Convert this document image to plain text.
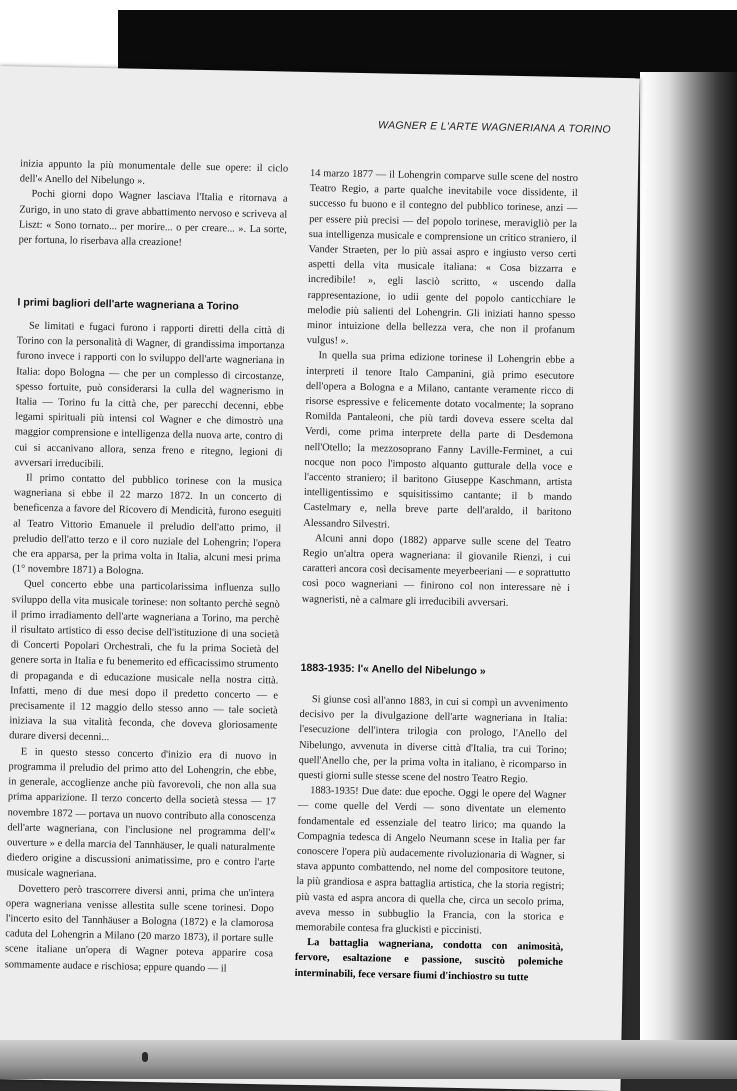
WAGNER E L'ARTE WAGNERIANA A TORINO

inizia appunto la più monumentale delle sue opere: il ciclo dell'« Anello del Nibelungo ».

Pochi giorni dopo Wagner lasciava l'Italia e ritornava a Zurigo, in uno stato di grave abbattimento nervoso e scriveva al Liszt: « Sono tornato... per morire... o per creare... ». La sorte, per fortuna, lo riserbava alla creazione!

I primi bagliori dell'arte wagneriana a Torino

Se limitati e fugaci furono i rapporti diretti della città di Torino con la personalità di Wagner, di grandissima importanza furono invece i rapporti con lo sviluppo dell'arte wagneriana in Italia: dopo Bologna — che per un complesso di circostanze, spesso fortuite, può considerarsi la culla del wagnerismo in Italia — Torino fu la città che, per parecchi decenni, ebbe legami spirituali più intensi col Wagner e che dimostrò una maggior comprensione e intelligenza della nuova arte, contro di cui si accanivano allora, senza freno e ritegno, legioni di avversari irreducibili.

Il primo contatto del pubblico torinese con la musica wagneriana si ebbe il 22 marzo 1872. In un concerto di beneficenza a favore del Ricovero di Mendicità, furono eseguiti al Teatro Vittorio Emanuele il preludio dell'atto primo, il preludio dell'atto terzo e il coro nuziale del Lohengrin; l'opera che era apparsa, per la prima volta in Italia, alcuni mesi prima (1° novembre 1871) a Bologna.

Quel concerto ebbe una particolarissima influenza sullo sviluppo della vita musicale torinese: non soltanto perchè segnò il primo irradiamento dell'arte wagneriana a Torino, ma perchè il risultato artistico di esso decise dell'istituzione di una società di Concerti Popolari Orchestrali, che fu la prima Società del genere sorta in Italia e fu benemerito ed efficacissimo strumento di propaganda e di educazione musicale nella nostra città. Infatti, meno di due mesi dopo il predetto concerto — e precisamente il 12 maggio dello stesso anno — tale società iniziava la sua vitalità feconda, che doveva gloriosamente durare diversi decenni...

E in questo stesso concerto d'inizio era di nuovo in programma il preludio del primo atto del Lohengrin, che ebbe, in generale, accoglienze anche più favorevoli, che non alla sua prima apparizione. Il terzo concerto della società stessa — 17 novembre 1872 — portava un nuovo contributo alla conoscenza dell'arte wagneriana, con l'inclusione nel programma dell'« ouverture » e della marcia del Tannhäuser, le quali naturalmente diedero origine a discussioni animatissime, pro e contro l'arte musicale wagneriana.

Dovettero però trascorrere diversi anni, prima che un'intera opera wagneriana venisse allestita sulle scene torinesi. Dopo l'incerto esito del Tannhäuser a Bologna (1872) e la clamorosa caduta del Lohengrin a Milano (20 marzo 1873), il portare sulle scene italiane un'opera di Wagner poteva apparire cosa sommamente audace e rischiosa; eppure quando — il

14 marzo 1877 — il Lohengrin comparve sulle scene del nostro Teatro Regio, a parte qualche inevitabile voce dissidente, il successo fu buono e il contegno del pubblico torinese, anzi — per essere più precisi — del popolo torinese, meravigliò per la sua intelligenza musicale e comprensione un critico straniero, il Vander Straeten, per lo più assai aspro e ingiusto verso certi aspetti della vita musicale italiana: « Cosa bizzarra e incredibile! », egli lasciò scritto, « uscendo dalla rappresentazione, io udii gente del popolo canticchiare le melodie più salienti del Lohengrin. Gli iniziati hanno spesso minor intuizione della bellezza vera, che non il profanum vulgus! ».

In quella sua prima edizione torinese il Lohengrin ebbe a interpreti il tenore Italo Campanini, già primo esecutore dell'opera a Bologna e a Milano, cantante veramente ricco di risorse espressive e felicemente dotato vocalmente; la soprano Romilda Pantaleoni, che più tardi doveva essere scelta dal Verdi, come prima interprete della parte di Desdemona nell'Otello; la mezzosoprano Fanny Laville-Ferminet, a cui nocque non poco l'imposto alquanto gutturale della voce e l'accento straniero; il baritono Giuseppe Kaschmann, artista intelligentissimo e squisitissimo cantante; il b mando Castelmary e, nella breve parte dell'araldo, il baritono Alessandro Silvestri.

Alcuni anni dopo (1882) apparve sulle scene del Teatro Regio un'altra opera wagneriana: il giovanile Rienzi, i cui caratteri ancora così decisamente meyerbeeriani — e soprattutto così poco wagneriani — finirono col non interessare nè i wagneristi, nè a calmare gli irreducibili avversari.

1883-1935: l'« Anello del Nibelungo »

Si giunse così all'anno 1883, in cui si compì un avvenimento decisivo per la divulgazione dell'arte wagneriana in Italia: l'esecuzione dell'intera trilogia con prologo, l'Anello del Nibelungo, avvenuta in diverse città d'Italia, tra cui Torino; quell'Anello che, per la prima volta in italiano, è ricomparso in questi giorni sulle stesse scene del nostro Teatro Regio.

1883-1935! Due date: due epoche. Oggi le opere del Wagner — come quelle del Verdi — sono diventate un elemento fondamentale ed essenziale del teatro lirico; ma quando la Compagnia tedesca di Angelo Neumann scese in Italia per far conoscere l'opera più audacemente rivoluzionaria di Wagner, si stava appunto combattendo, nel nome del compositore teutone, la più grandiosa e aspra battaglia artistica, che la storia registri; più vasta ed aspra ancora di quella che, circa un secolo prima, aveva messo in subbuglio la Francia, con la storica e memorabile contesa fra gluckisti e piccinisti.

La battaglia wagneriana, condotta con animosità, fervore, esaltazione e passione, suscitò polemiche interminabili, fece versare fiumi d'inchiostro su tutte
